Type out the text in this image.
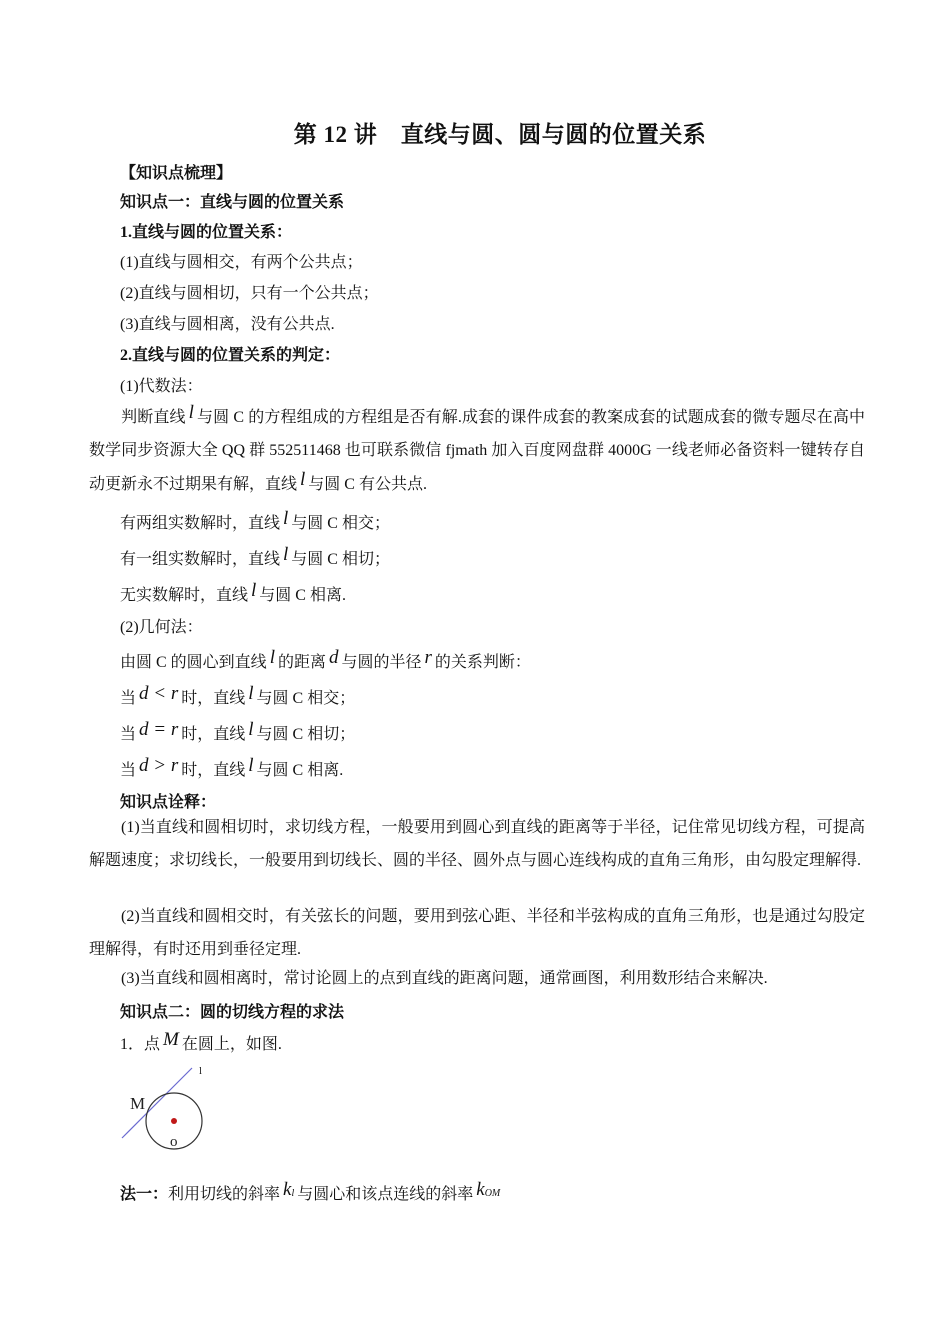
第 12 讲　直线与圆、圆与圆的位置关系
【知识点梳理】
知识点一：直线与圆的位置关系
1.直线与圆的位置关系：
(1)直线与圆相交，有两个公共点；
(2)直线与圆相切，只有一个公共点；
(3)直线与圆相离，没有公共点.
2.直线与圆的位置关系的判定：
(1)代数法：
判断直线 l 与圆 C 的方程组成的方程组是否有解.成套的课件成套的教案成套的试题成套的微专题尽在高中数学同步资源大全 QQ 群 552511468 也可联系微信 fjmath 加入百度网盘群 4000G 一线老师必备资料一键转存自动更新永不过期果有解，直线 l 与圆 C 有公共点.
有两组实数解时，直线 l 与圆 C 相交；
有一组实数解时，直线 l 与圆 C 相切；
无实数解时，直线 l 与圆 C 相离.
(2)几何法：
由圆 C 的圆心到直线 l 的距离 d 与圆的半径 r 的关系判断：
当 d < r 时，直线 l 与圆 C 相交；
当 d = r 时，直线 l 与圆 C 相切；
当 d > r 时，直线 l 与圆 C 相离.
知识点诠释：
(1)当直线和圆相切时，求切线方程，一般要用到圆心到直线的距离等于半径，记住常见切线方程，可提高解题速度；求切线长，一般要用到切线长、圆的半径、圆外点与圆心连线构成的直角三角形，由勾股定理解得.
(2)当直线和圆相交时，有关弦长的问题，要用到弦心距、半径和半弦构成的直角三角形，也是通过勾股定理解得，有时还用到垂径定理.
(3)当直线和圆相离时，常讨论圆上的点到直线的距离问题，通常画图，利用数形结合来解决.
知识点二：圆的切线方程的求法
1．点 M 在圆上，如图.
M
l
o
法一：利用切线的斜率 kl 与圆心和该点连线的斜率 kOM
